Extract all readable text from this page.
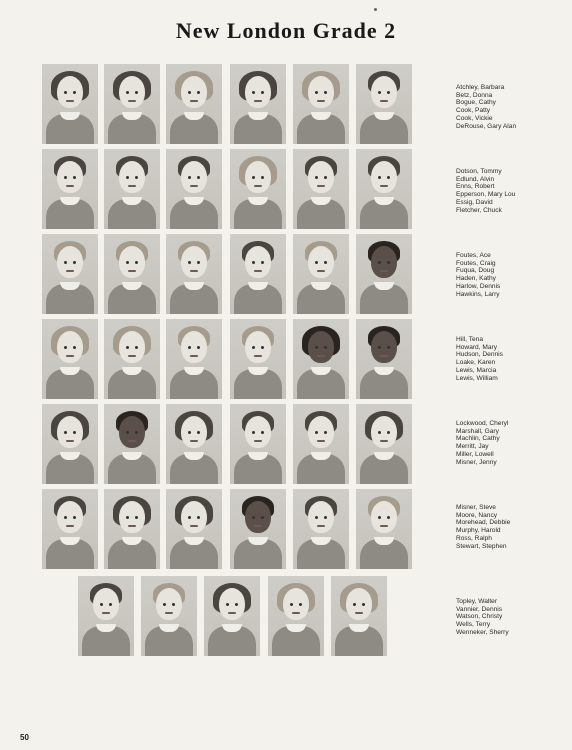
New London Grade 2
Atchley, Barbara
Betz, Donna
Bogue, Cathy
Cook, Patty
Cook, Vickie
DeRouse, Gary Alan
Dotson, Tommy
Edlund, Alvin
Enns, Robert
Epperson, Mary Lou
Essig, David
Fletcher, Chuck
Foutes, Ace
Foutes, Craig
Fuqua, Doug
Haden, Kathy
Harlow, Dennis
Hawkins, Larry
Hill, Tena
Howard, Mary
Hudson, Dennis
Loake, Karen
Lewis, Marcia
Lewis, William
Lockwood, Cheryl
Marshall, Gary
Machlin, Cathy
Merritt, Jay
Miller, Lowell
Misner, Jenny
Misner, Steve
Moore, Nancy
Morehead, Debbie
Murphy, Harold
Ross, Ralph
Stewart, Stephen
Topley, Walter
Vannier, Dennis
Watson, Christy
Wells, Terry
Wenneker, Sherry
50
